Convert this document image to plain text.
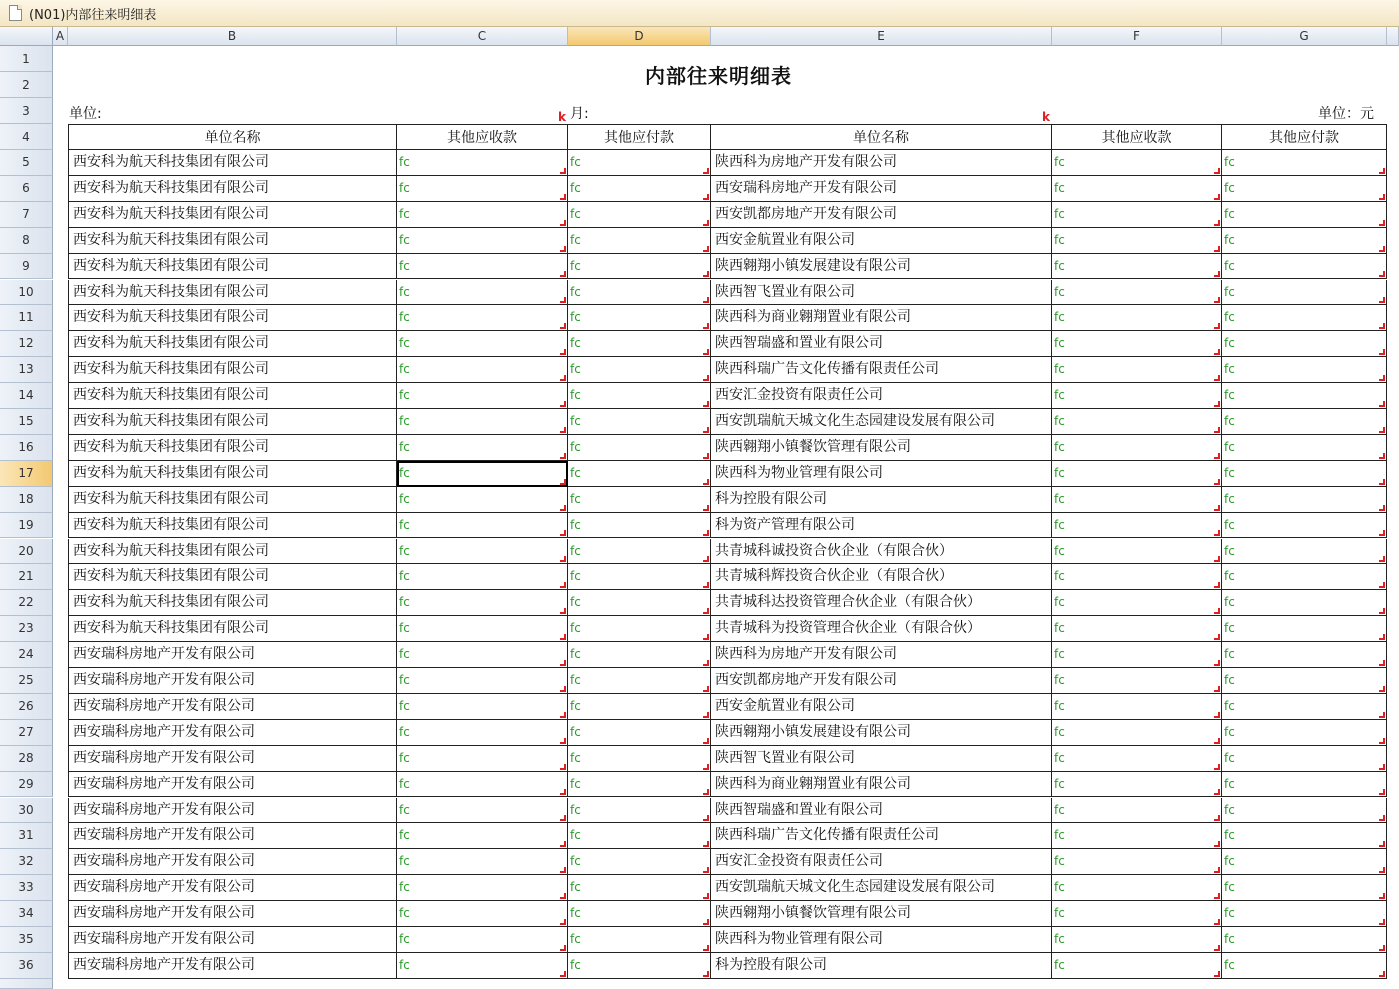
(N01)内部往来明细表
A	B	C	D	E	F	G
1
2
3
4
5
6
7
8
9
10
11
12
13
14
15
16
17
18
19
20
21
22
23
24
25
26
27
28
29
30
31
32
33
34
35
36
内部往来明细表
单位:	月:	单位：元
k	k
单位名称	其他应收款	其他应付款	单位名称	其他应收款	其他应付款
西安科为航天科技集团有限公司	fc	fc	陕西科为房地产开发有限公司	fc	fc
西安科为航天科技集团有限公司	fc	fc	西安瑞科房地产开发有限公司	fc	fc
西安科为航天科技集团有限公司	fc	fc	西安凯都房地产开发有限公司	fc	fc
西安科为航天科技集团有限公司	fc	fc	西安金航置业有限公司	fc	fc
西安科为航天科技集团有限公司	fc	fc	陕西翱翔小镇发展建设有限公司	fc	fc
西安科为航天科技集团有限公司	fc	fc	陕西智飞置业有限公司	fc	fc
西安科为航天科技集团有限公司	fc	fc	陕西科为商业翱翔置业有限公司	fc	fc
西安科为航天科技集团有限公司	fc	fc	陕西智瑞盛和置业有限公司	fc	fc
西安科为航天科技集团有限公司	fc	fc	陕西科瑞广告文化传播有限责任公司	fc	fc
西安科为航天科技集团有限公司	fc	fc	西安汇金投资有限责任公司	fc	fc
西安科为航天科技集团有限公司	fc	fc	西安凯瑞航天城文化生态园建设发展有限公司	fc	fc
西安科为航天科技集团有限公司	fc	fc	陕西翱翔小镇餐饮管理有限公司	fc	fc
西安科为航天科技集团有限公司	fc	fc	陕西科为物业管理有限公司	fc	fc
西安科为航天科技集团有限公司	fc	fc	科为控股有限公司	fc	fc
西安科为航天科技集团有限公司	fc	fc	科为资产管理有限公司	fc	fc
西安科为航天科技集团有限公司	fc	fc	共青城科诚投资合伙企业（有限合伙）	fc	fc
西安科为航天科技集团有限公司	fc	fc	共青城科辉投资合伙企业（有限合伙）	fc	fc
西安科为航天科技集团有限公司	fc	fc	共青城科达投资管理合伙企业（有限合伙）	fc	fc
西安科为航天科技集团有限公司	fc	fc	共青城科为投资管理合伙企业（有限合伙）	fc	fc
西安瑞科房地产开发有限公司	fc	fc	陕西科为房地产开发有限公司	fc	fc
西安瑞科房地产开发有限公司	fc	fc	西安凯都房地产开发有限公司	fc	fc
西安瑞科房地产开发有限公司	fc	fc	西安金航置业有限公司	fc	fc
西安瑞科房地产开发有限公司	fc	fc	陕西翱翔小镇发展建设有限公司	fc	fc
西安瑞科房地产开发有限公司	fc	fc	陕西智飞置业有限公司	fc	fc
西安瑞科房地产开发有限公司	fc	fc	陕西科为商业翱翔置业有限公司	fc	fc
西安瑞科房地产开发有限公司	fc	fc	陕西智瑞盛和置业有限公司	fc	fc
西安瑞科房地产开发有限公司	fc	fc	陕西科瑞广告文化传播有限责任公司	fc	fc
西安瑞科房地产开发有限公司	fc	fc	西安汇金投资有限责任公司	fc	fc
西安瑞科房地产开发有限公司	fc	fc	西安凯瑞航天城文化生态园建设发展有限公司	fc	fc
西安瑞科房地产开发有限公司	fc	fc	陕西翱翔小镇餐饮管理有限公司	fc	fc
西安瑞科房地产开发有限公司	fc	fc	陕西科为物业管理有限公司	fc	fc
西安瑞科房地产开发有限公司	fc	fc	科为控股有限公司	fc	fc
